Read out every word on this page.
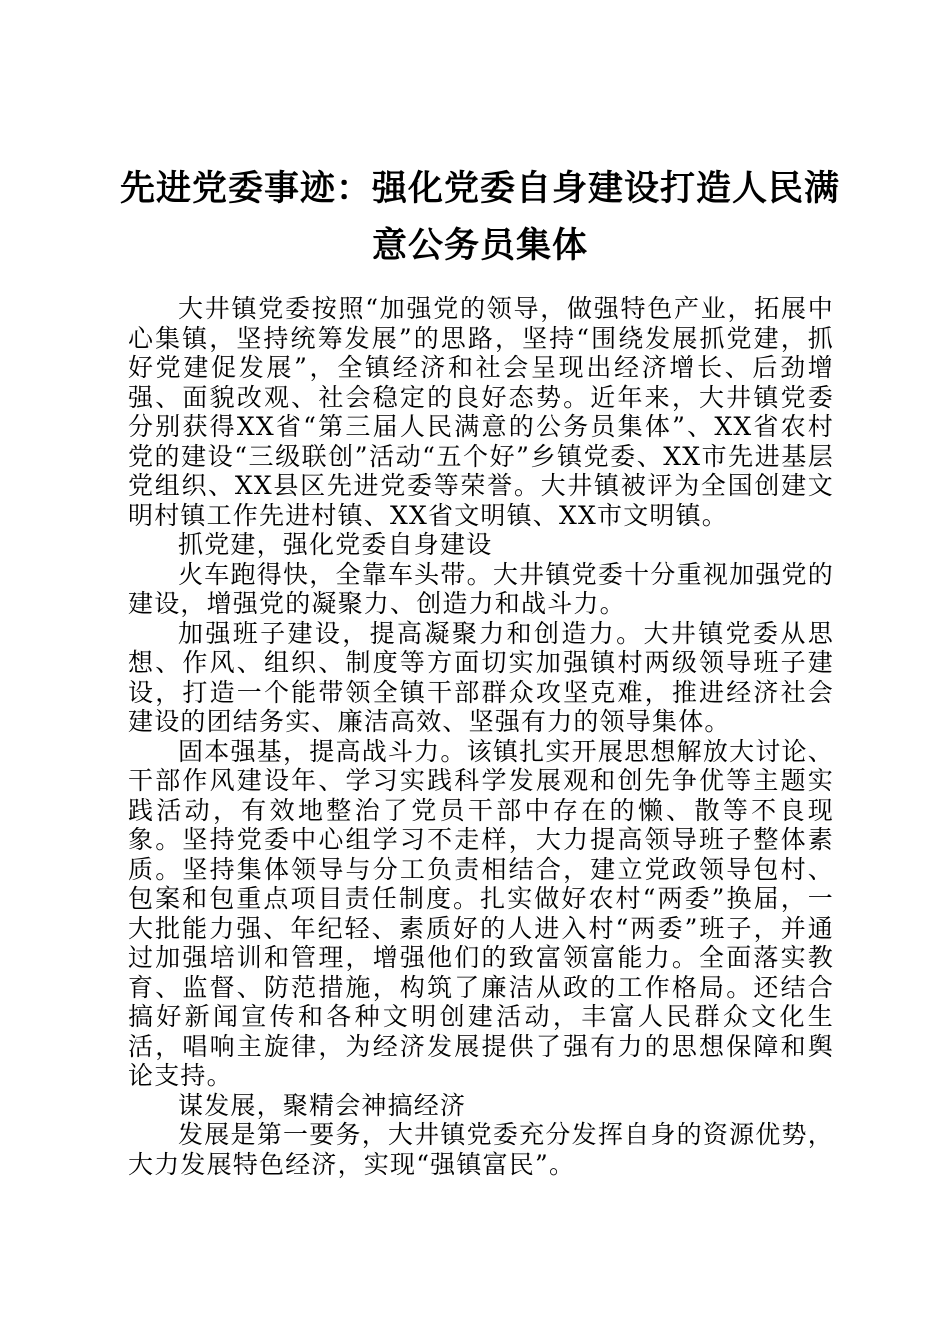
先进党委事迹：强化党委自身建设打造人民满
意公务员集体

大井镇党委按照“加强党的领导，做强特色产业，拓展中心集镇，坚持统筹发展”的思路，坚持“围绕发展抓党建，抓好党建促发展”，全镇经济和社会呈现出经济增长、后劲增强、面貌改观、社会稳定的良好态势。近年来，大井镇党委分别获得XX省“第三届人民满意的公务员集体”、XX省农村党的建设“三级联创”活动“五个好”乡镇党委、XX市先进基层党组织、XX县区先进党委等荣誉。大井镇被评为全国创建文明村镇工作先进村镇、XX省文明镇、XX市文明镇。

抓党建，强化党委自身建设

火车跑得快，全靠车头带。大井镇党委十分重视加强党的建设，增强党的凝聚力、创造力和战斗力。

加强班子建设，提高凝聚力和创造力。大井镇党委从思想、作风、组织、制度等方面切实加强镇村两级领导班子建设，打造一个能带领全镇干部群众攻坚克难，推进经济社会建设的团结务实、廉洁高效、坚强有力的领导集体。

固本强基，提高战斗力。该镇扎实开展思想解放大讨论、干部作风建设年、学习实践科学发展观和创先争优等主题实践活动，有效地整治了党员干部中存在的懒、散等不良现象。坚持党委中心组学习不走样，大力提高领导班子整体素质。坚持集体领导与分工负责相结合，建立党政领导包村、包案和包重点项目责任制度。扎实做好农村“两委”换届，一大批能力强、年纪轻、素质好的人进入村“两委”班子，并通过加强培训和管理，增强他们的致富领富能力。全面落实教育、监督、防范措施，构筑了廉洁从政的工作格局。还结合搞好新闻宣传和各种文明创建活动，丰富人民群众文化生活，唱响主旋律，为经济发展提供了强有力的思想保障和舆论支持。

谋发展，聚精会神搞经济

发展是第一要务，大井镇党委充分发挥自身的资源优势，大力发展特色经济，实现“强镇富民”。
